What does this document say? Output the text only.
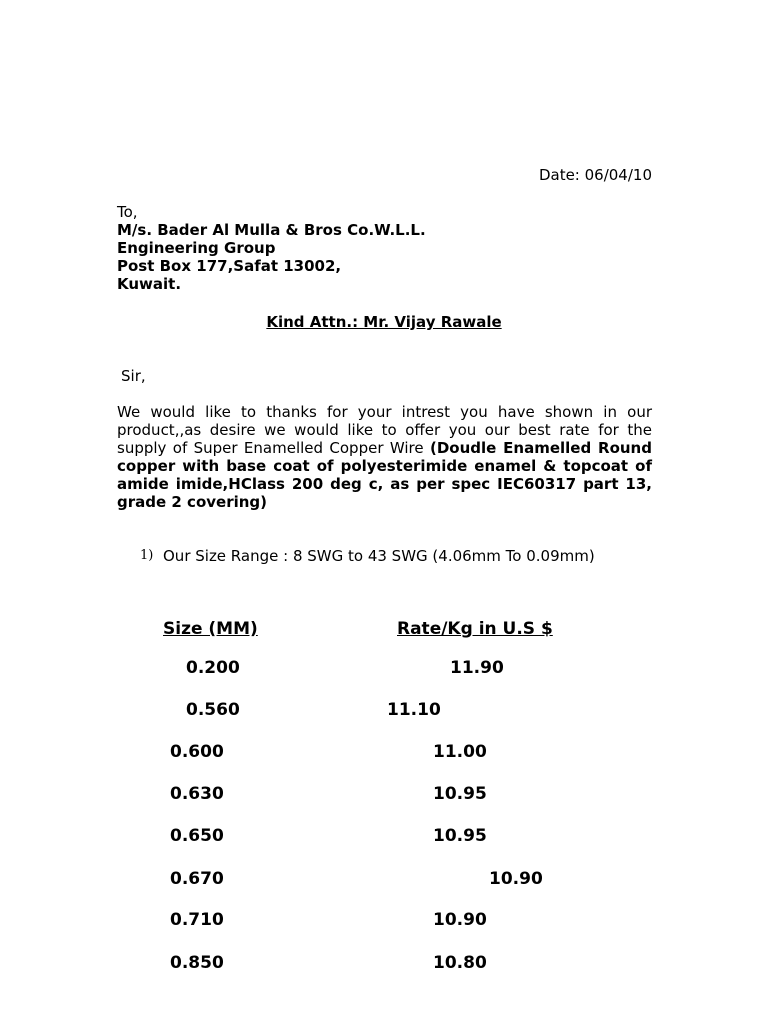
Date: 06/04/10
To,
M/s. Bader Al Mulla & Bros Co.W.L.L.
Engineering Group
Post Box 177,Safat 13002,
Kuwait.
Kind Attn.: Mr. Vijay Rawale
Sir,
We would like to thanks for your intrest you have shown in our product,,as desire we would like to offer you our best rate for the supply of Super Enamelled Copper Wire (Doudle Enamelled Round copper with base coat of polyesterimide enamel & topcoat of amide imide,HClass 200 deg c, as per spec IEC60317 part 13, grade 2 covering)
1) Our Size Range : 8 SWG to 43 SWG (4.06mm To 0.09mm)
Size (MM)	Rate/Kg in U.S $
0.200	11.90
0.560	11.10
0.600	11.00
0.630	10.95
0.650	10.95
0.670	10.90
0.710	10.90
0.850	10.80
